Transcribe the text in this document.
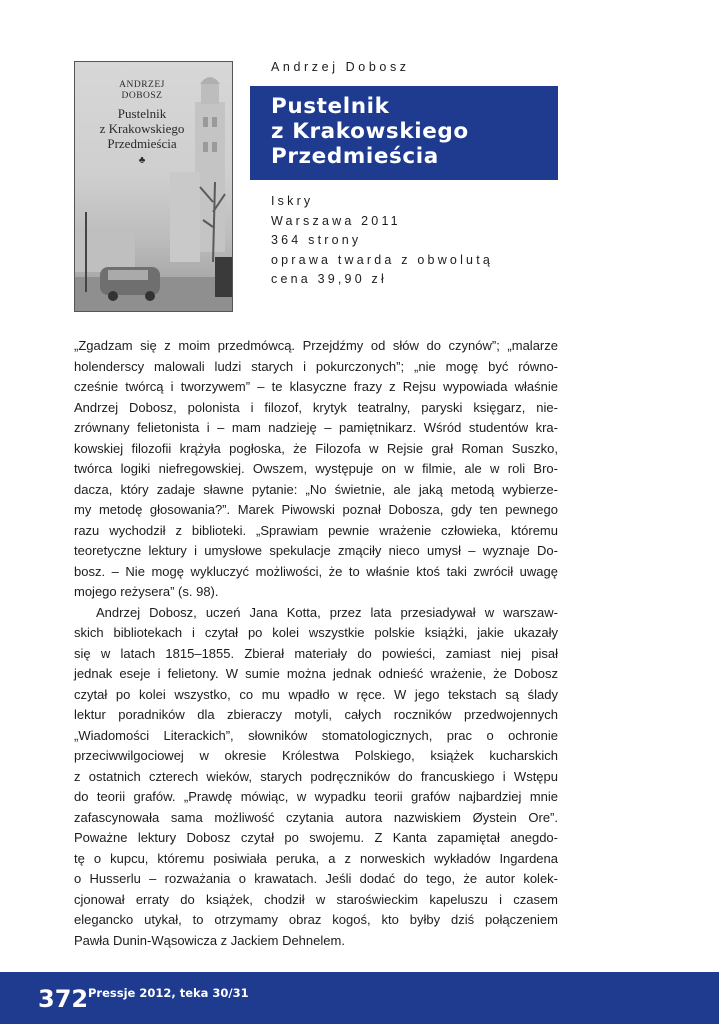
ANDRZEJ
DOBOSZ
Pustelnik
z Krakowskiego
Przedmieścia
♣
Andrzej Dobosz
Pustelnik
z Krakowskiego
Przedmieścia
Iskry
Warszawa 2011
364 strony
oprawa twarda z obwolutą
cena 39,90 zł
„Zgadzam się z moim przedmówcą. Przejdźmy od słów do czynów”; „malarze
holenderscy malowali ludzi starych i pokurczonych”; „nie mogę być równo-
cześnie twórcą i tworzywem” – te klasyczne frazy z Rejsu wypowiada właśnie
Andrzej Dobosz, polonista i filozof, krytyk teatralny, paryski księgarz, nie-
zrównany felietonista i – mam nadzieję – pamiętnikarz. Wśród studentów kra-
kowskiej filozofii krążyła pogłoska, że Filozofa w Rejsie grał Roman Suszko,
twórca logiki niefregowskiej. Owszem, występuje on w filmie, ale w roli Bro-
dacza, który zadaje sławne pytanie: „No świetnie, ale jaką metodą wybierze-
my metodę głosowania?”. Marek Piwowski poznał Dobosza, gdy ten pewnego
razu wychodził z biblioteki. „Sprawiam pewnie wrażenie człowieka, któremu
teoretyczne lektury i umysłowe spekulacje zmąciły nieco umysł – wyznaje Do-
bosz. – Nie mogę wykluczyć możliwości, że to właśnie ktoś taki zwrócił uwagę
mojego reżysera” (s. 98).
Andrzej Dobosz, uczeń Jana Kotta, przez lata przesiadywał w warszaw-
skich bibliotekach i czytał po kolei wszystkie polskie książki, jakie ukazały
się w latach 1815–1855. Zbierał materiały do powieści, zamiast niej pisał
jednak eseje i felietony. W sumie można jednak odnieść wrażenie, że Dobosz
czytał po kolei wszystko, co mu wpadło w ręce. W jego tekstach są ślady
lektur poradników dla zbieraczy motyli, całych roczników przedwojennych
„Wiadomości Literackich”, słowników stomatologicznych, prac o ochronie
przeciwwilgociowej w okresie Królestwa Polskiego, książek kucharskich
z ostatnich czterech wieków, starych podręczników do francuskiego i Wstępu
do teorii grafów. „Prawdę mówiąc, w wypadku teorii grafów najbardziej mnie
zafascynowała sama możliwość czytania autora nazwiskiem Øystein Ore”.
Poważne lektury Dobosz czytał po swojemu. Z Kanta zapamiętał anegdo-
tę o kupcu, któremu posiwiała peruka, a z norweskich wykładów Ingardena
o Husserlu – rozważania o krawatach. Jeśli dodać do tego, że autor kolek-
cjonował erraty do książek, chodził w staroświeckim kapeluszu i czasem
elegancko utykał, to otrzymamy obraz kogoś, kto byłby dziś połączeniem
Pawła Dunin-Wąsowicza z Jackiem Dehnelem.
372 Pressje 2012, teka 30/31
